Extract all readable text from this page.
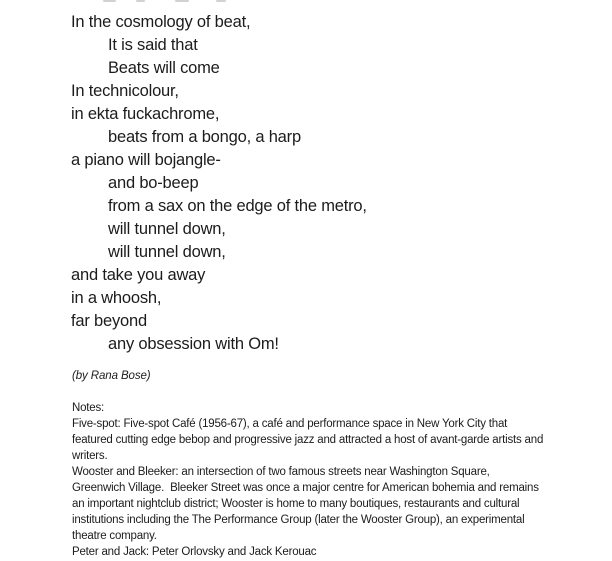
In the cosmology of beat,
It is said that
Beats will come
In technicolour,
in ekta fuckachrome,
beats from a bongo, a harp
a piano will bojangle-
and bo-beep
from a sax on the edge of the metro,
will tunnel down,
will tunnel down,
and take you away
in a whoosh,
far beyond
any obsession with Om!
(by Rana Bose)
Notes:
Five-spot: Five-spot Café (1956-67), a café and performance space in New York City that
featured cutting edge bebop and progressive jazz and attracted a host of avant-garde artists and
writers.
Wooster and Bleeker: an intersection of two famous streets near Washington Square,
Greenwich Village.  Bleeker Street was once a major centre for American bohemia and remains
an important nightclub district; Wooster is home to many boutiques, restaurants and cultural
institutions including the The Performance Group (later the Wooster Group), an experimental
theatre company.
Peter and Jack: Peter Orlovsky and Jack Kerouac
